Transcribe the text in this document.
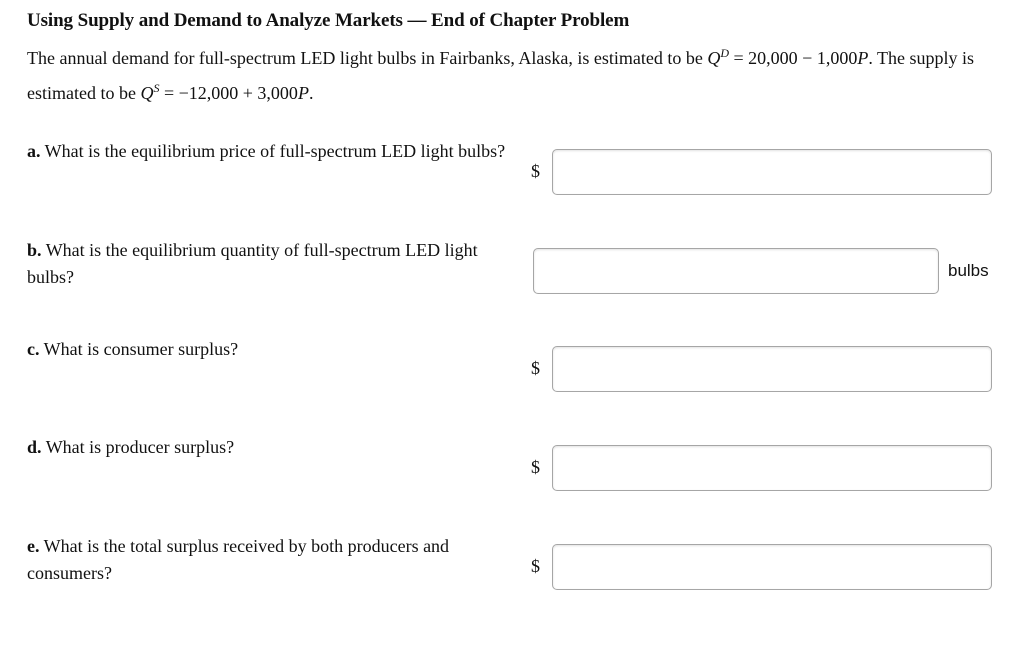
Using Supply and Demand to Analyze Markets — End of Chapter Problem
The annual demand for full-spectrum LED light bulbs in Fairbanks, Alaska, is estimated to be $Q^D = 20,000 - 1,000P$. The supply is estimated to be $Q^S = -12,000 + 3,000P$.
a. What is the equilibrium price of full-spectrum LED light bulbs?
$
b. What is the equilibrium quantity of full-spectrum LED light bulbs?	bulbs
c. What is consumer surplus?
$
d. What is producer surplus?
$
e. What is the total surplus received by both producers and consumers?	$
